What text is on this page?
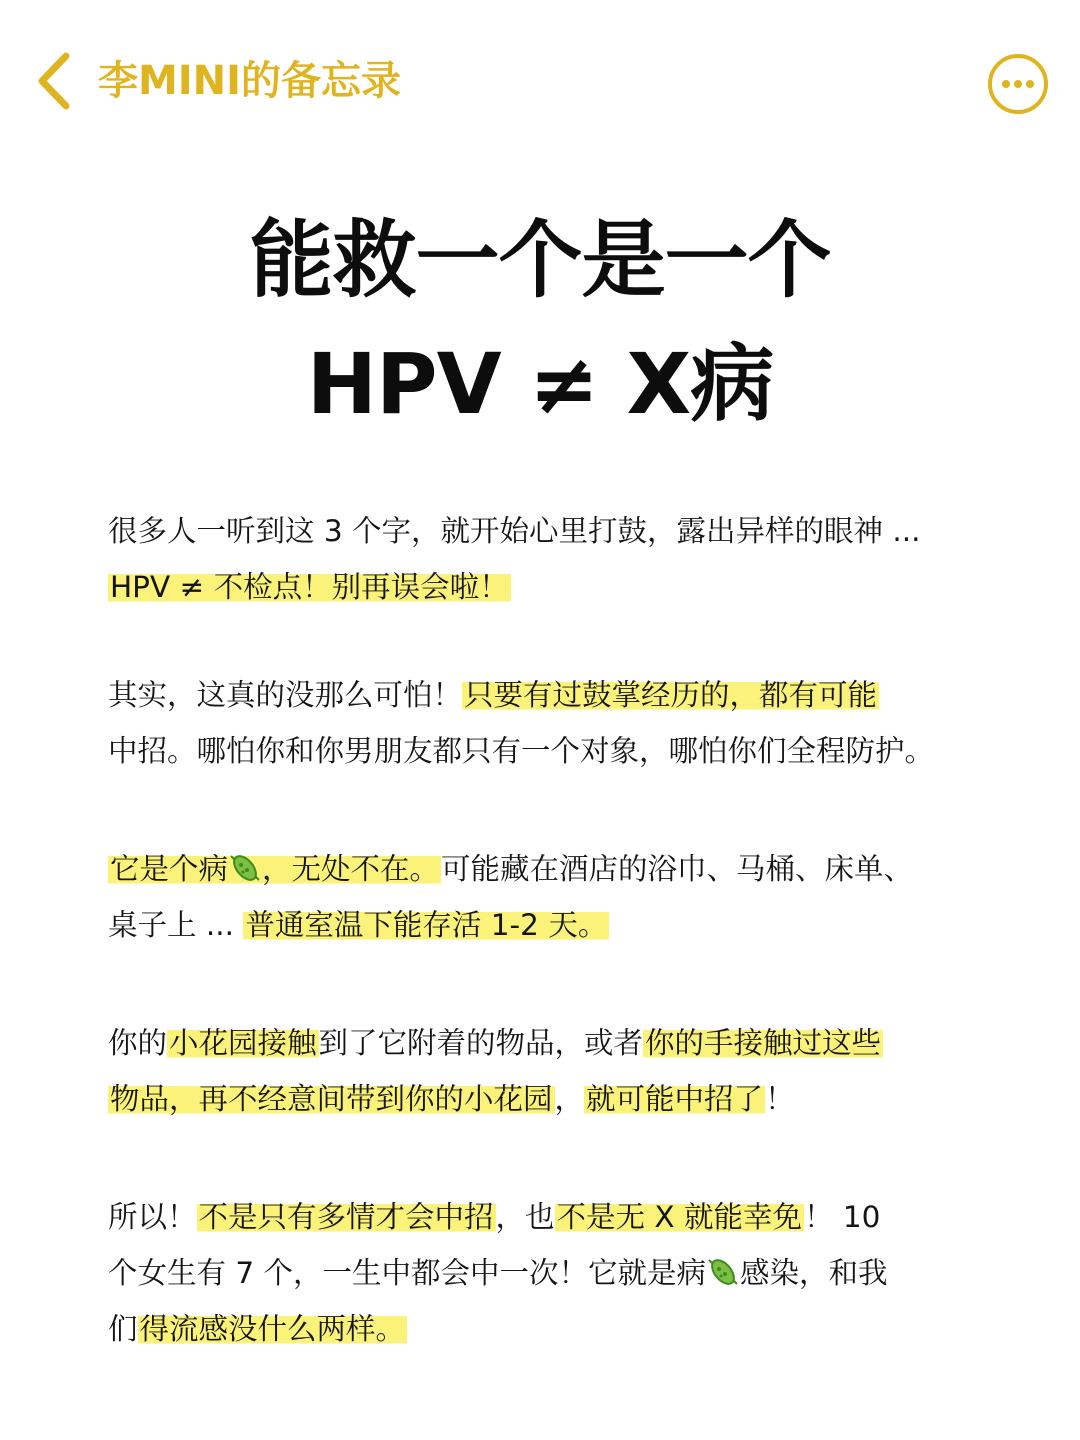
李MINI的备忘录
能救一个是一个
HPV ≠ X病
很多人一听到这 3 个字，就开始心里打鼓，露出异样的眼神 ...
HPV ≠ 不检点！别再误会啦！
其实，这真的没那么可怕！只要有过鼓掌经历的，都有可能
中招。哪怕你和你男朋友都只有一个对象，哪怕你们全程防护。
它是个病 ，无处不在。可能藏在酒店的浴巾、马桶、床单、
桌子上 ... 普通室温下能存活 1-2 天。
你的小花园接触到了它附着的物品，或者你的手接触过这些
物品，再不经意间带到你的小花园，就可能中招了！
所以！不是只有多情才会中招，也不是无 X 就能幸免！ 10
个女生有 7 个，一生中都会中一次！它就是病 感染，和我
们得流感没什么两样。
